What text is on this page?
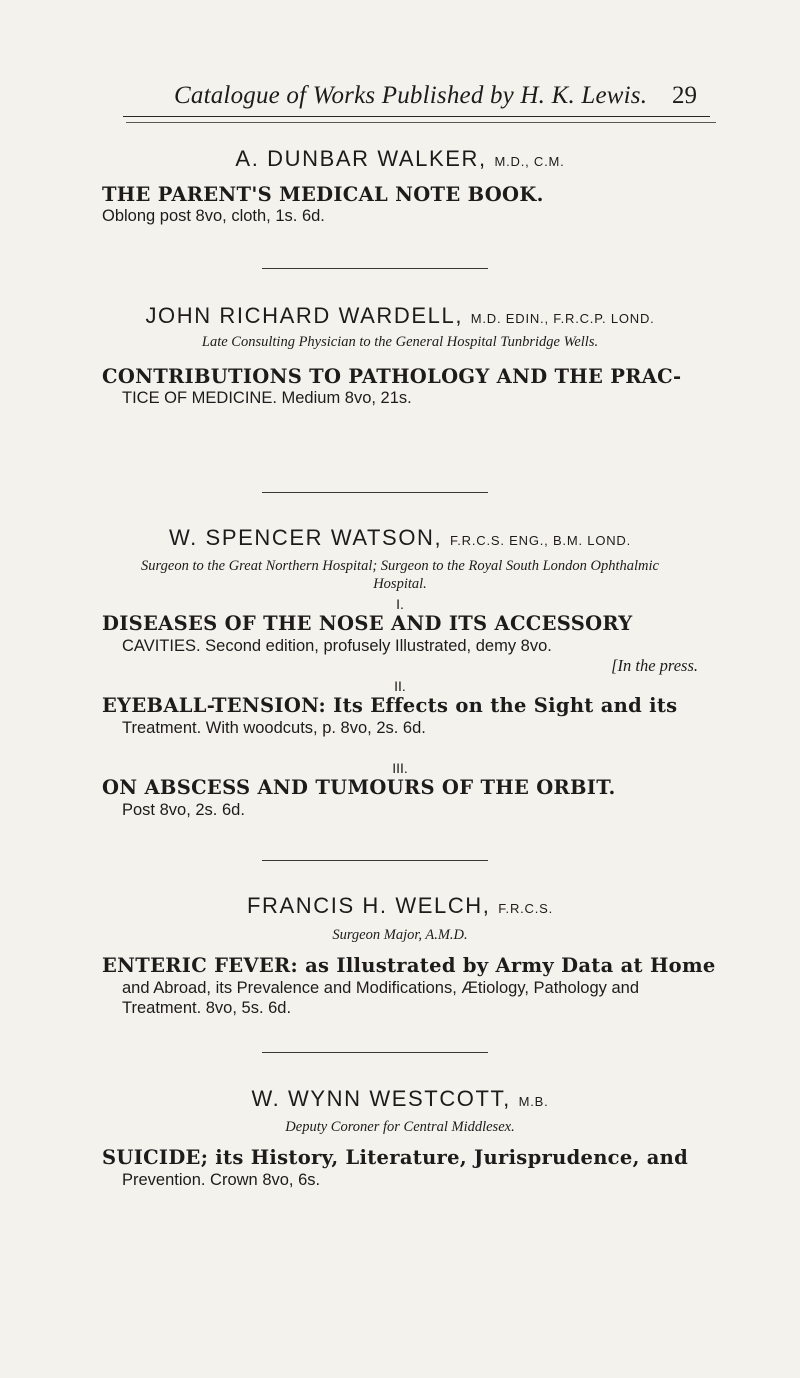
Catalogue of Works Published by H. K. Lewis. 29
A. DUNBAR WALKER, M.D., C.M.
THE PARENT'S MEDICAL NOTE BOOK.
Oblong post 8vo, cloth, 1s. 6d.
JOHN RICHARD WARDELL, M.D. EDIN., F.R.C.P. LOND.
Late Consulting Physician to the General Hospital Tunbridge Wells.
CONTRIBUTIONS TO PATHOLOGY AND THE PRAC-
TICE OF MEDICINE. Medium 8vo, 21s.
W. SPENCER WATSON, F.R.C.S. ENG., B.M. LOND.
Surgeon to the Great Northern Hospital; Surgeon to the Royal South London Ophthalmic
Hospital.
I.
DISEASES OF THE NOSE AND ITS ACCESSORY
CAVITIES. Second edition, profusely Illustrated, demy 8vo.
[In the press.
II.
EYEBALL-TENSION: Its Effects on the Sight and its
Treatment. With woodcuts, p. 8vo, 2s. 6d.
III.
ON ABSCESS AND TUMOURS OF THE ORBIT.
Post 8vo, 2s. 6d.
FRANCIS H. WELCH, F.R.C.S.
Surgeon Major, A.M.D.
ENTERIC FEVER: as Illustrated by Army Data at Home
and Abroad, its Prevalence and Modifications, Ætiology, Pathology and
Treatment. 8vo, 5s. 6d.
W. WYNN WESTCOTT, M.B.
Deputy Coroner for Central Middlesex.
SUICIDE; its History, Literature, Jurisprudence, and
Prevention. Crown 8vo, 6s.
